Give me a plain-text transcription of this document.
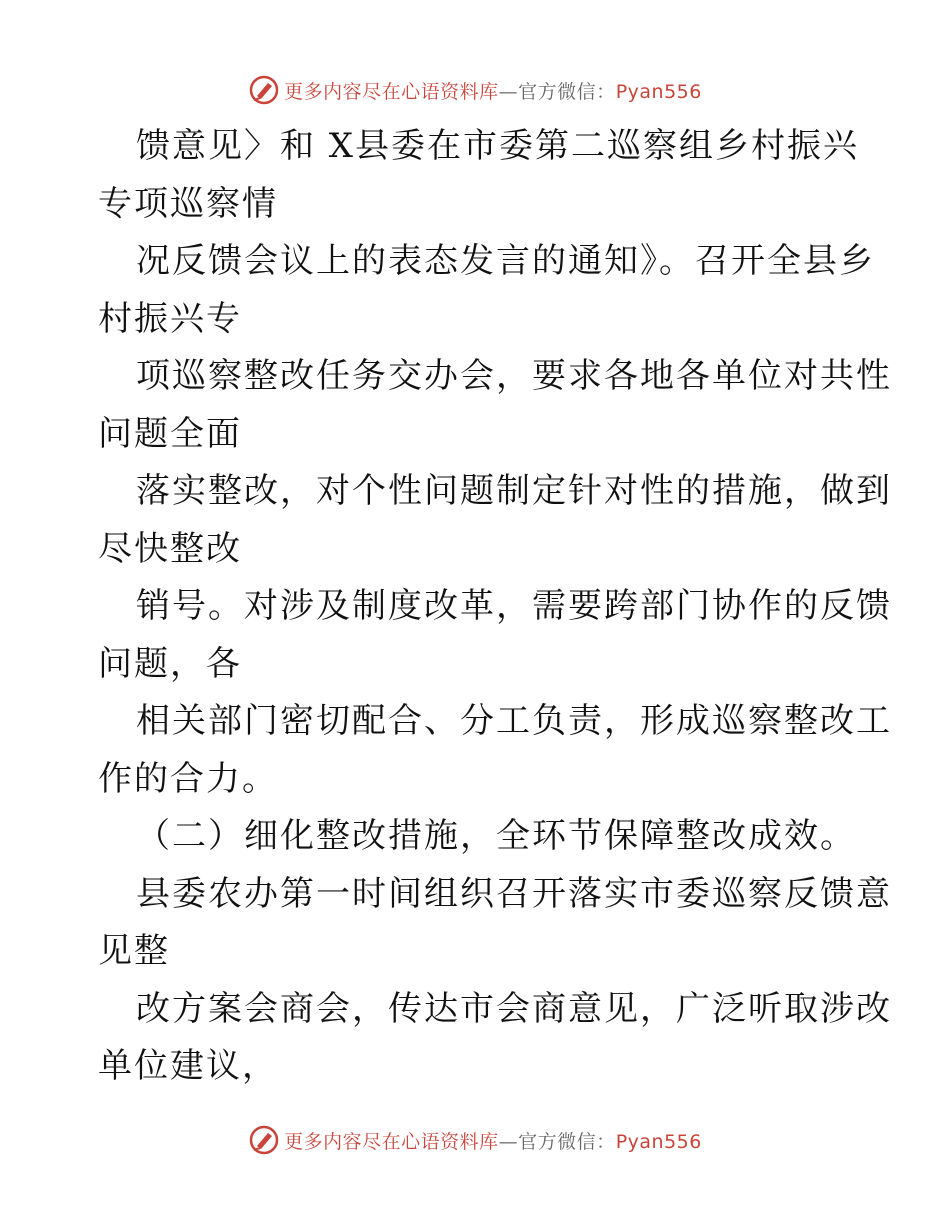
更多内容尽在心语资料库—官方微信：Pyan556
馈意见〉和 X县委在市委第二巡察组乡村振兴
专项巡察情
况反馈会议上的表态发言的通知》。召开全县乡
村振兴专
项巡察整改任务交办会，要求各地各单位对共性
问题全面
落实整改，对个性问题制定针对性的措施，做到
尽快整改
销号。对涉及制度改革，需要跨部门协作的反馈
问题，各
相关部门密切配合、分工负责，形成巡察整改工
作的合力。
（二）细化整改措施，全环节保障整改成效。
县委农办第一时间组织召开落实市委巡察反馈意
见整
改方案会商会，传达市会商意见，广泛听取涉改
单位建议，
更多内容尽在心语资料库—官方微信：Pyan556
